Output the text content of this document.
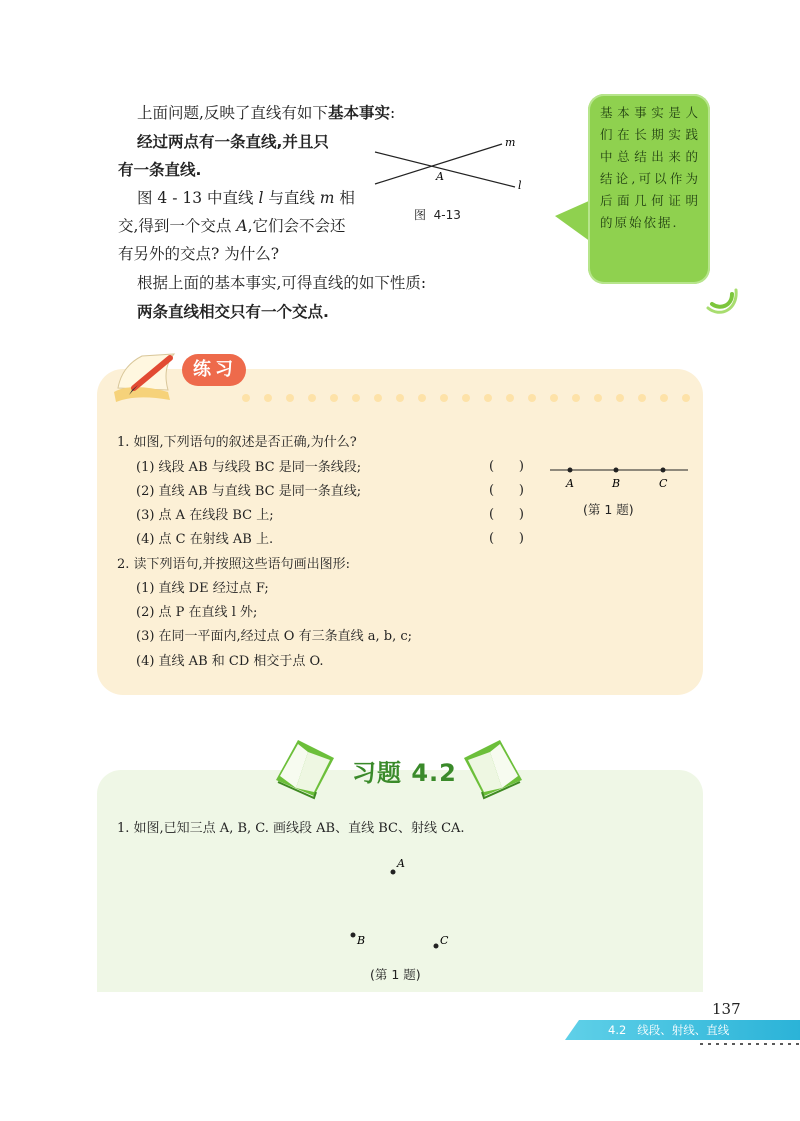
上面问题,反映了直线有如下基本事实:
经过两点有一条直线,并且只
有一条直线.
图 4 - 13 中直线 l 与直线 m 相
交,得到一个交点 A,它们会不会还
有另外的交点? 为什么?
根据上面的基本事实,可得直线的如下性质:
两条直线相交只有一个交点.
m
l
A
图  4-13
基本事实是人们在长期实践中总结出来的结论,可以作为后面几何证明的原始依据.
练习
1. 如图,下列语句的叙述是否正确,为什么?
(1) 线段 AB 与线段 BC 是同一条线段;	(      )
(2) 直线 AB 与直线 BC 是同一条直线;	(      )
(3) 点 A 在线段 BC 上;	(      )
(4) 点 C 在射线 AB 上.	(      )
A	B	C
(第 1 题)
2. 读下列语句,并按照这些语句画出图形:
(1) 直线 DE 经过点 F;
(2) 点 P 在直线 l 外;
(3) 在同一平面内,经过点 O 有三条直线 a, b, c;
(4) 直线 AB 和 CD 相交于点 O.
习题 4.2
1. 如图,已知三点 A, B, C. 画线段 AB、直线 BC、射线 CA.
A
B	C
(第 1 题)
137
4.2   线段、射线、直线
